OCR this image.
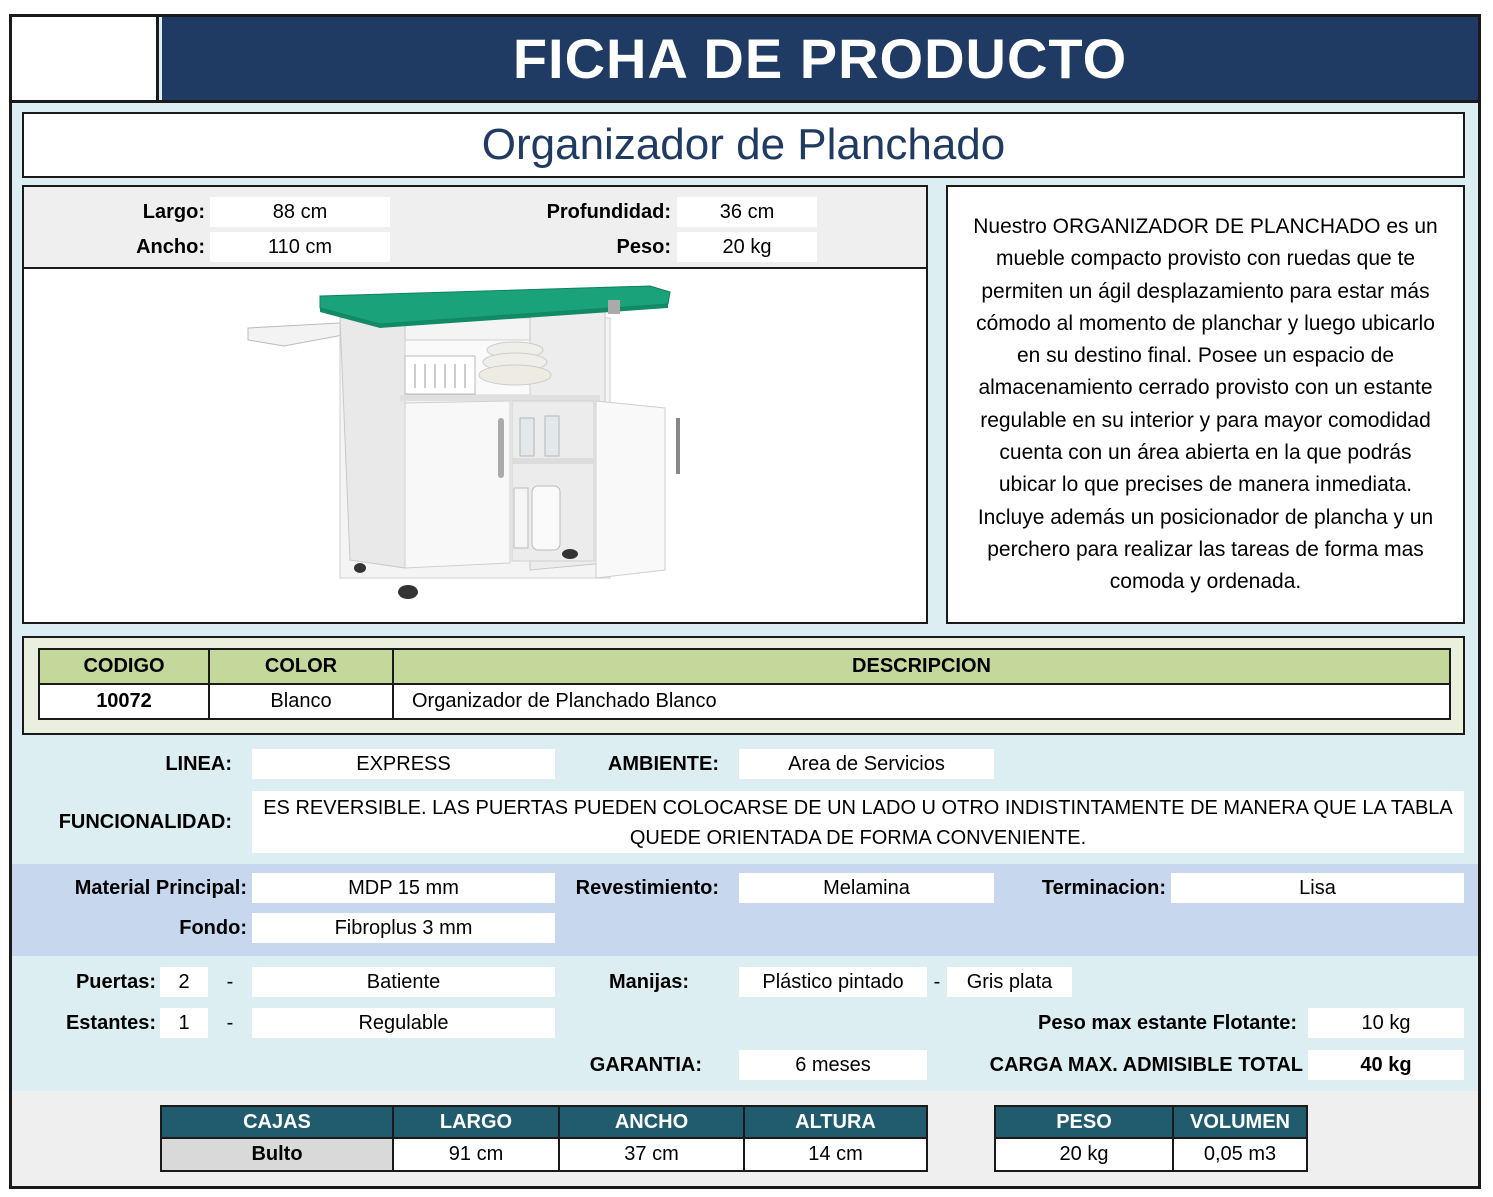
FICHA DE PRODUCTO
Organizador de Planchado
Largo:	88 cm
Ancho:	110 cm
Profundidad:	36 cm
Peso:	20 kg
Nuestro ORGANIZADOR DE PLANCHADO es un mueble compacto provisto con ruedas que te permiten un ágil desplazamiento para estar más cómodo al momento de planchar y luego ubicarlo en su destino final. Posee un espacio de almacenamiento cerrado provisto con un estante regulable en su interior y para mayor comodidad cuenta con un área abierta en la que podrás ubicar lo que precises de manera inmediata. Incluye además un posicionador de plancha y un perchero para realizar las tareas de forma mas comoda y ordenada.
CODIGO	COLOR	DESCRIPCION
10072	Blanco	Organizador de Planchado Blanco
LINEA:	EXPRESS	AMBIENTE:	Area de Servicios
FUNCIONALIDAD:
ES REVERSIBLE. LAS PUERTAS PUEDEN COLOCARSE DE UN LADO U OTRO INDISTINTAMENTE DE MANERA QUE LA TABLA QUEDE ORIENTADA DE FORMA CONVENIENTE.
Material Principal:	MDP 15 mm	Revestimiento:	Melamina	Terminacion:	Lisa
Fondo:	Fibroplus 3 mm
Puertas:	2	-	Batiente	Manijas:	Plástico pintado	-	Gris plata
Estantes:	1	-	Regulable	Peso max estante Flotante:	10 kg
GARANTIA:	6 meses	CARGA MAX. ADMISIBLE TOTAL	40 kg
CAJAS	LARGO	ANCHO	ALTURA
Bulto	91 cm	37 cm	14 cm
PESO	VOLUMEN
20 kg	0,05 m3
